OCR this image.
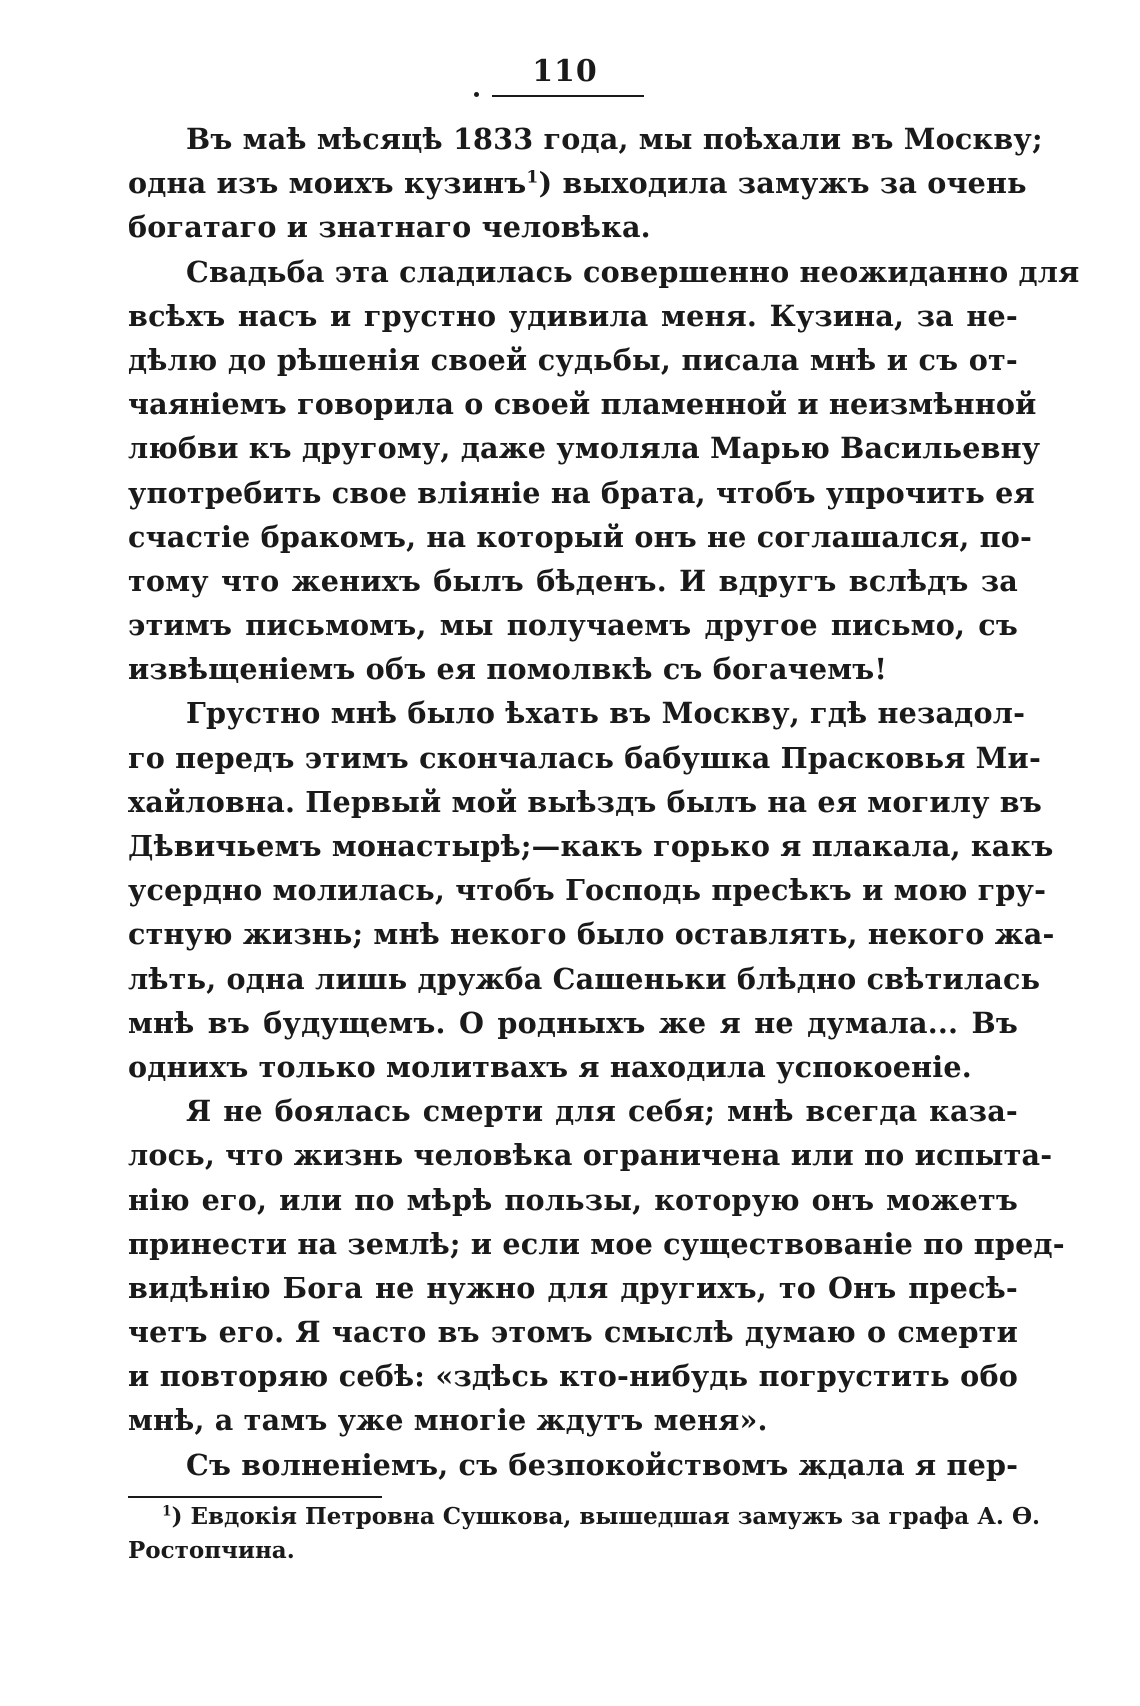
110
Въ маѣ мѣсяцѣ 1833 года, мы поѣхали въ Москву;
одна изъ моихъ кузинъ$^1$) выходила замужъ за очень
богатаго и знатнаго человѣка.
Свадьба эта сладилась совершенно неожиданно для
всѣхъ насъ и грустно удивила меня. Кузина, за не-
дѣлю до рѣшенія своей судьбы, писала мнѣ и съ от-
чаяніемъ говорила о своей пламенной и неизмѣнной
любви къ другому, даже умоляла Марью Васильевну
употребить свое вліяніе на брата, чтобъ упрочить ея
счастіе бракомъ, на который онъ не соглашался, по-
тому что женихъ былъ бѣденъ. И вдругъ вслѣдъ за
этимъ письмомъ, мы получаемъ другое письмо, съ
извѣщеніемъ объ ея помолвкѣ съ богачемъ!
Грустно мнѣ было ѣхать въ Москву, гдѣ незадол-
го передъ этимъ скончалась бабушка Прасковья Ми-
хайловна. Первый мой выѣздъ былъ на ея могилу въ
Дѣвичьемъ монастырѣ;—какъ горько я плакала, какъ
усердно молилась, чтобъ Господь пресѣкъ и мою гру-
стную жизнь; мнѣ некого было оставлять, некого жа-
лѣть, одна лишь дружба Сашеньки блѣдно свѣтилась
мнѣ въ будущемъ. О родныхъ же я не думала... Въ
однихъ только молитвахъ я находила успокоеніе.
Я не боялась смерти для себя; мнѣ всегда каза-
лось, что жизнь человѣка ограничена или по испыта-
нію его, или по мѣрѣ пользы, которую онъ можетъ
принести на землѣ; и если мое существованіе по пред-
видѣнію Бога не нужно для другихъ, то Онъ пресѣ-
четъ его. Я часто въ этомъ смыслѣ думаю о смерти
и повторяю себѣ: «здѣсь кто-нибудь погрустить обо
мнѣ, а тамъ уже многіе ждутъ меня».
Съ волненіемъ, съ безпокойствомъ ждала я пер-
$^1$) Евдокія Петровна Сушкова, вышедшая замужъ за графа А. Ѳ.
Ростопчина.
